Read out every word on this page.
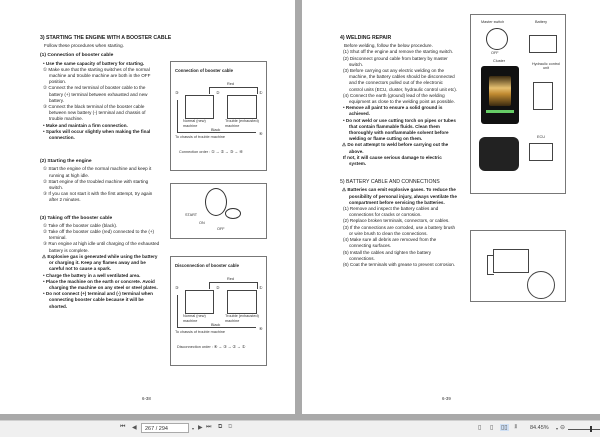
3) STARTING THE ENGINE WITH A BOOSTER CABLE
Follow these procedures when starting.
(1) Connection of booster cable
• Use the same capacity of battery for starting.
① Make sure that the starting switches of the normal machine and trouble machine are both in the OFF position.
② Connect the red terminal of booster cable to the battery (+) terminal between exhausted and new battery.
③ Connect the black terminal of the booster cable between new battery (-) terminal and chassis of trouble machine.
• Make and maintain a firm connection.
• Sparks will occur slightly when making the final connection.
(2) Starting the engine
① Start the engine of the normal machine and keep it running at high idle.
② Start engine of the troubled machine with starting switch.
③ If you can not start it with the first attempt, try again after 2 minutes.
(3) Taking off the booster cable
① Take off the booster cable (black).
② Take off the booster cable (red) connected to the (+) terminal.
③ Run engine at high idle until charging of the exhausted battery is complete.
⚠ Explosive gas is generated while using the battery or charging it. Keep any flames away and be careful not to cause a spark.
• Charge the battery in a well ventilated area.
• Place the machine on the earth or concrete. Avoid charging the machine on any steel or steel plates.
• Do not connect (+) terminal and (-) terminal when connecting booster cable because it will be shorted.
Connection of booster cable
Red
③	②	①
Normal (new) machine
Trouble (exhausted) machine
Black
To chassis of trouble machine
④
Connection order : ① → ② → ③ → ④
START
ON
OFF
Disconnection of booster cable
Red
③	②	①
Normal (new) machine
Trouble (exhausted) machine
Black
To chassis of trouble machine
④
Disconnection order : ④ → ③ → ② → ①
6-38
4) WELDING REPAIR
Before welding, follow the below procedure.
(1) Shut off the engine and remove the starting switch.
(2) Disconnect ground cable from battery by master switch.
(3) Before carrying out any electric welding on the machine, the battery cables should be disconnected and the connectors pulled out of the electronic control units (ECU, cluster, hydraulic control unit etc).
(4) Connect the earth (ground) lead of the welding equipment as close to the welding point as possible.
• Remove all paint to ensure a solid ground is achieved.
• Do not weld or use cutting torch on pipes or tubes that contain flammable fluids. Clean them thoroughly with nonflammable solvent before welding or flame cutting on them.
⚠ Do not attempt to weld before carrying out the above.
If not, it will cause serious damage to electric system.
5) BATTERY CABLE AND CONNECTIONS
⚠ Batteries can emit explosive gases. To reduce the possibility of personal injury, always ventilate the compartment before servicing the batteries.
(1) Remove and inspect the battery cables and connections for cracks or corrosion.
(2) Replace broken terminals, connectors, or cables.
(3) If the connections are corroded, use a battery brush or wire brush to clean the connections.
(4) Make sure all debris are removed from the connecting surfaces.
(5) Install the cables and tighten the battery connections.
(6) Coat the terminals with grease to prevent corrosion.
Master switch
OFF
Battery
Cluster
Hydraulic control unit
ECU
6-39
⏮ ◀	267 / 294	▾ ▶ ⏭ ⧉ ⧉	▯ ▯ ▯▯ ⫫ 84.45% ▾ ⊖
